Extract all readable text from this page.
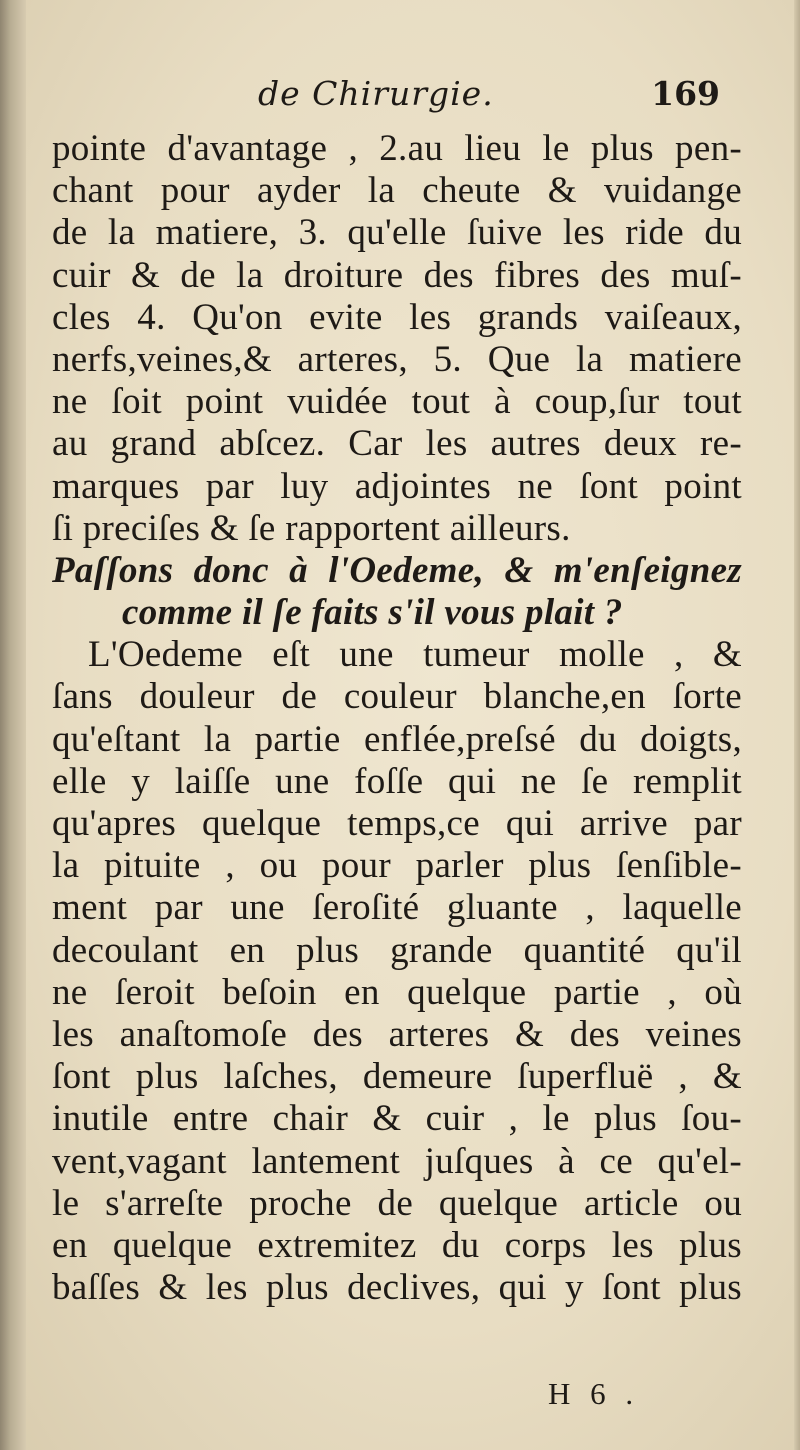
de Chirurgie.	169
pointe d'avantage , 2.au lieu le plus pen-
chant pour ayder la cheute & vuidange
de la matiere, 3. qu'elle ſuive les ride du
cuir & de la droiture des fibres des muſ-
cles 4. Qu'on evite les grands vaiſeaux,
nerfs,veines,& arteres, 5. Que la matiere
ne ſoit point vuidée tout à coup,ſur tout
au grand abſcez. Car les autres deux re-
marques par luy adjointes ne ſont point
ſi preciſes & ſe rapportent ailleurs.
Paſſons donc à l'Oedeme, & m'enſeignez
comme il ſe faits s'il vous plait ?
L'Oedeme eſt une tumeur molle , &
ſans douleur de couleur blanche,en ſorte
qu'eſtant la partie enflée,preſsé du doigts,
elle y laiſſe une foſſe qui ne ſe remplit
qu'apres quelque temps,ce qui arrive par
la pituite , ou pour parler plus ſenſible-
ment par une ſeroſité gluante , laquelle
decoulant en plus grande quantité qu'il
ne ſeroit beſoin en quelque partie , où
les anaſtomoſe des arteres & des veines
ſont plus laſches, demeure ſuperfluë , &
inutile entre chair & cuir , le plus ſou-
vent,vagant lantement juſques à ce qu'el-
le s'arreſte proche de quelque article ou
en quelque extremitez du corps les plus
baſſes & les plus declives, qui y ſont plus
H 6 .
